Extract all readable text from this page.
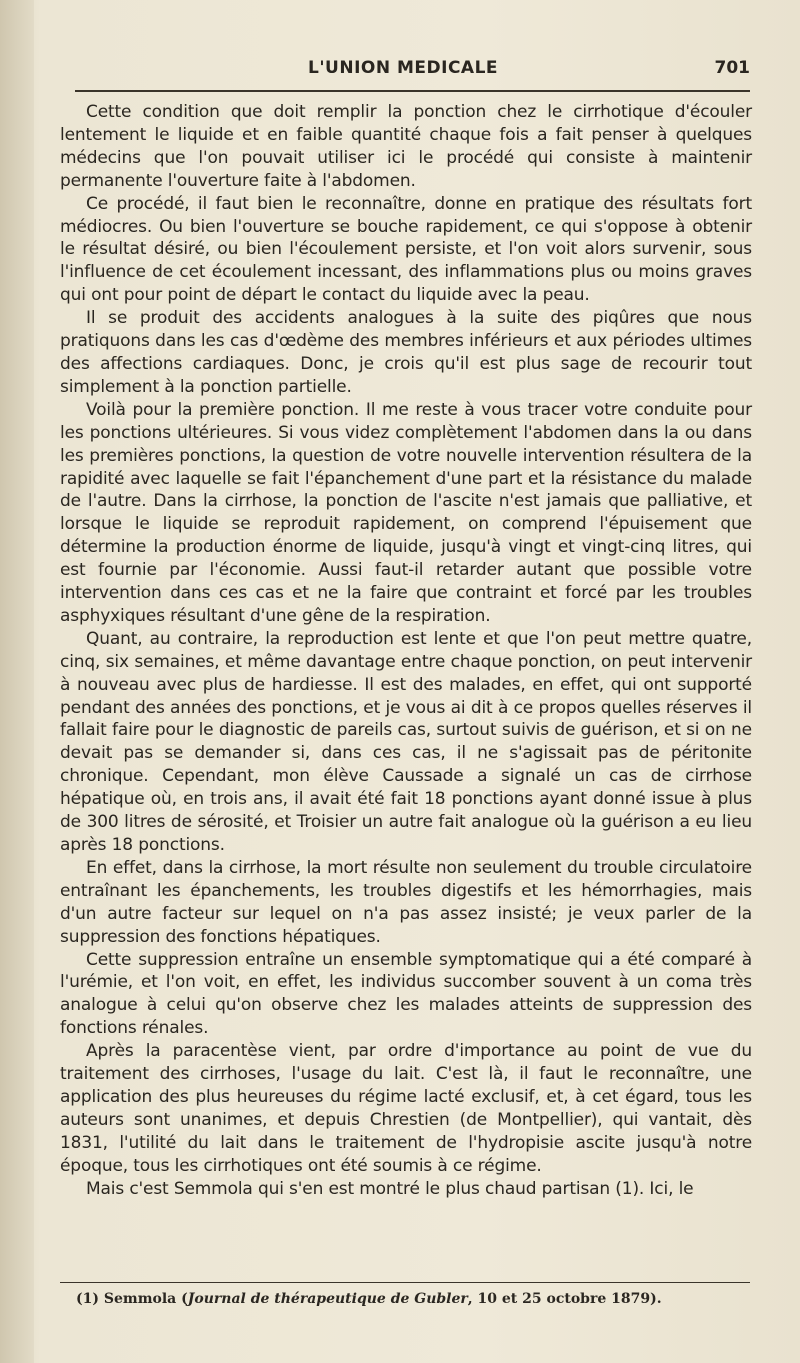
L'UNION MEDICALE	701

Cette condition que doit remplir la ponction chez le cirrhotique d'écouler lentement le liquide et en faible quantité chaque fois a fait penser à quelques médecins que l'on pouvait utiliser ici le procédé qui consiste à maintenir permanente l'ouverture faite à l'abdomen.

Ce procédé, il faut bien le reconnaître, donne en pratique des résultats fort médiocres. Ou bien l'ouverture se bouche rapidement, ce qui s'oppose à obtenir le résultat désiré, ou bien l'écoulement persiste, et l'on voit alors survenir, sous l'influence de cet écoulement incessant, des inflammations plus ou moins graves qui ont pour point de départ le contact du liquide avec la peau.

Il se produit des accidents analogues à la suite des piqûres que nous pratiquons dans les cas d'œdème des membres inférieurs et aux périodes ultimes des affections cardiaques. Donc, je crois qu'il est plus sage de recourir tout simplement à la ponction partielle.

Voilà pour la première ponction. Il me reste à vous tracer votre conduite pour les ponctions ultérieures. Si vous videz complètement l'abdomen dans la ou dans les premières ponctions, la question de votre nouvelle intervention résultera de la rapidité avec laquelle se fait l'épanchement d'une part et la résistance du malade de l'autre. Dans la cirrhose, la ponction de l'ascite n'est jamais que palliative, et lorsque le liquide se reproduit rapidement, on comprend l'épuisement que détermine la production énorme de liquide, jusqu'à vingt et vingt-cinq litres, qui est fournie par l'économie. Aussi faut-il retarder autant que possible votre intervention dans ces cas et ne la faire que contraint et forcé par les troubles asphyxiques résultant d'une gêne de la respiration.

Quant, au contraire, la reproduction est lente et que l'on peut mettre quatre, cinq, six semaines, et même davantage entre chaque ponction, on peut intervenir à nouveau avec plus de hardiesse. Il est des malades, en effet, qui ont supporté pendant des années des ponctions, et je vous ai dit à ce propos quelles réserves il fallait faire pour le diagnostic de pareils cas, surtout suivis de guérison, et si on ne devait pas se demander si, dans ces cas, il ne s'agissait pas de péritonite chronique. Cependant, mon élève Caussade a signalé un cas de cirrhose hépatique où, en trois ans, il avait été fait 18 ponctions ayant donné issue à plus de 300 litres de sérosité, et Troisier un autre fait analogue où la guérison a eu lieu après 18 ponctions.

En effet, dans la cirrhose, la mort résulte non seulement du trouble circulatoire entraînant les épanchements, les troubles digestifs et les hémorrhagies, mais d'un autre facteur sur lequel on n'a pas assez insisté; je veux parler de la suppression des fonctions hépatiques.

Cette suppression entraîne un ensemble symptomatique qui a été comparé à l'urémie, et l'on voit, en effet, les individus succomber souvent à un coma très analogue à celui qu'on observe chez les malades atteints de suppression des fonctions rénales.

Après la paracentèse vient, par ordre d'importance au point de vue du traitement des cirrhoses, l'usage du lait. C'est là, il faut le reconnaître, une application des plus heureuses du régime lacté exclusif, et, à cet égard, tous les auteurs sont unanimes, et depuis Chrestien (de Montpellier), qui vantait, dès 1831, l'utilité du lait dans le traitement de l'hydropisie ascite jusqu'à notre époque, tous les cirrhotiques ont été soumis à ce régime.

Mais c'est Semmola qui s'en est montré le plus chaud partisan (1). Ici, le

(1) Semmola (Journal de thérapeutique de Gubler, 10 et 25 octobre 1879).
